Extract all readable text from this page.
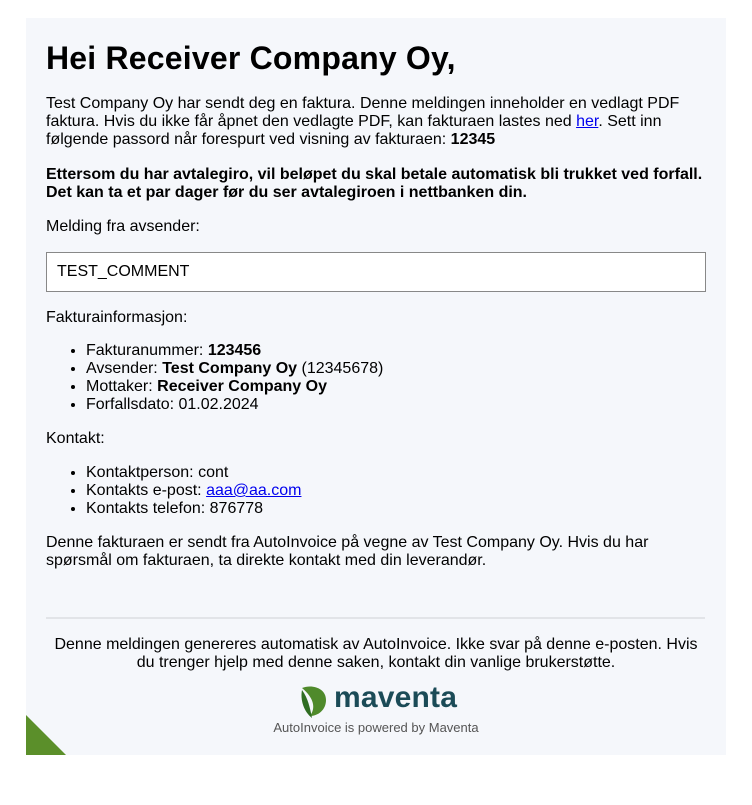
Hei Receiver Company Oy,

Test Company Oy har sendt deg en faktura. Denne meldingen inneholder en vedlagt PDF faktura. Hvis du ikke får åpnet den vedlagte PDF, kan fakturaen lastes ned her. Sett inn følgende passord når forespurt ved visning av fakturaen: 12345

Ettersom du har avtalegiro, vil beløpet du skal betale automatisk bli trukket ved forfall. Det kan ta et par dager før du ser avtalegiroen i nettbanken din.

Melding fra avsender:

TEST_COMMENT

Fakturainformasjon:

• Fakturanummer: 123456
• Avsender: Test Company Oy (12345678)
• Mottaker: Receiver Company Oy
• Forfallsdato: 01.02.2024

Kontakt:

• Kontaktperson: cont
• Kontakts e-post: aaa@aa.com
• Kontakts telefon: 876778

Denne fakturaen er sendt fra AutoInvoice på vegne av Test Company Oy. Hvis du har spørsmål om fakturaen, ta direkte kontakt med din leverandør.

Denne meldingen genereres automatisk av AutoInvoice. Ikke svar på denne e-posten. Hvis du trenger hjelp med denne saken, kontakt din vanlige brukerstøtte.
maventa
AutoInvoice is powered by Maventa
